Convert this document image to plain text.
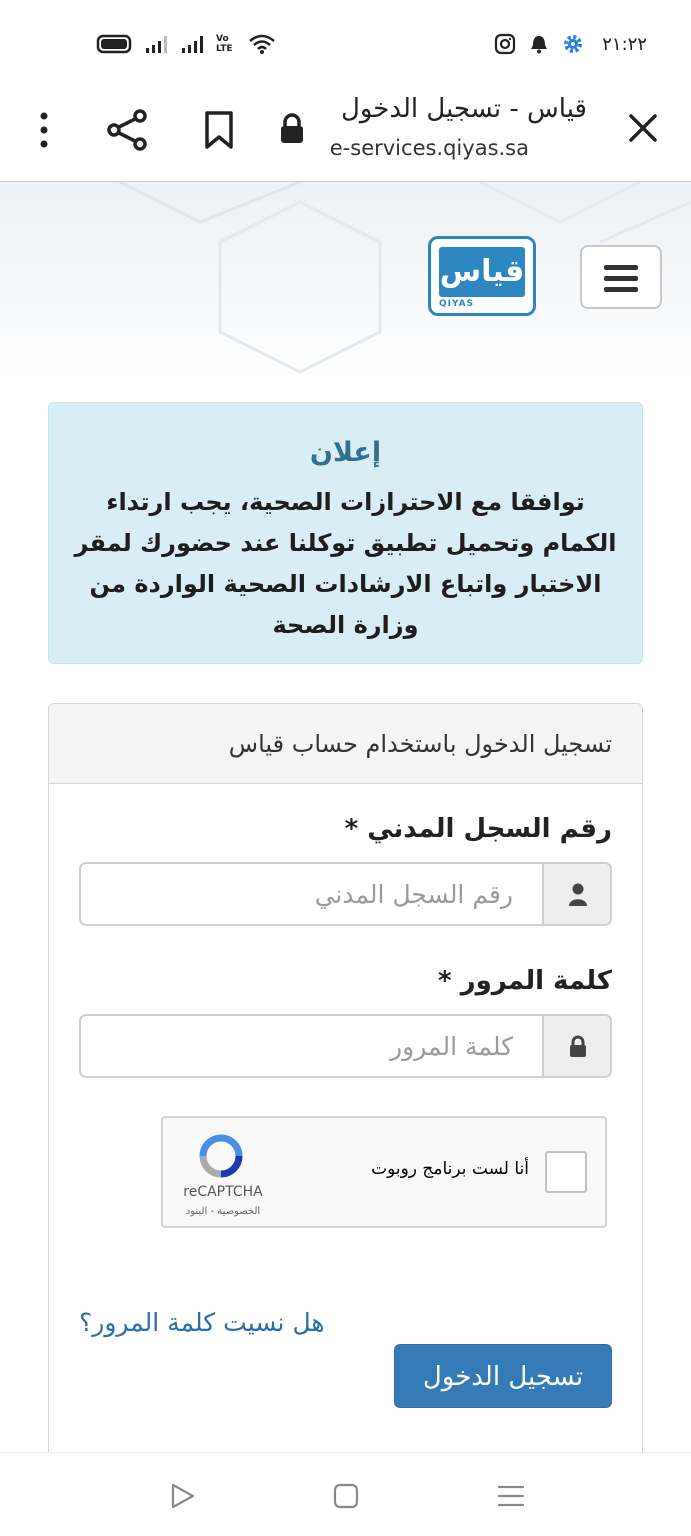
Vo LTE	٢١:٢٢
قياس - تسجيل الدخول
e-services.qiyas.sa
قياس
QIYAS
إعلان
توافقا مع الاحترازات الصحية، يجب ارتداء الكمام وتحميل تطبيق توكلنا عند حضورك لمقر الاختبار واتباع الارشادات الصحية الواردة من وزارة الصحة
تسجيل الدخول باستخدام حساب قياس
رقم السجل المدني *
رقم السجل المدني
كلمة المرور *
أنا لست برنامج روبوت
reCAPTCHA
الخصوصية - البنود
هل نسيت كلمة المرور؟
تسجيل الدخول
